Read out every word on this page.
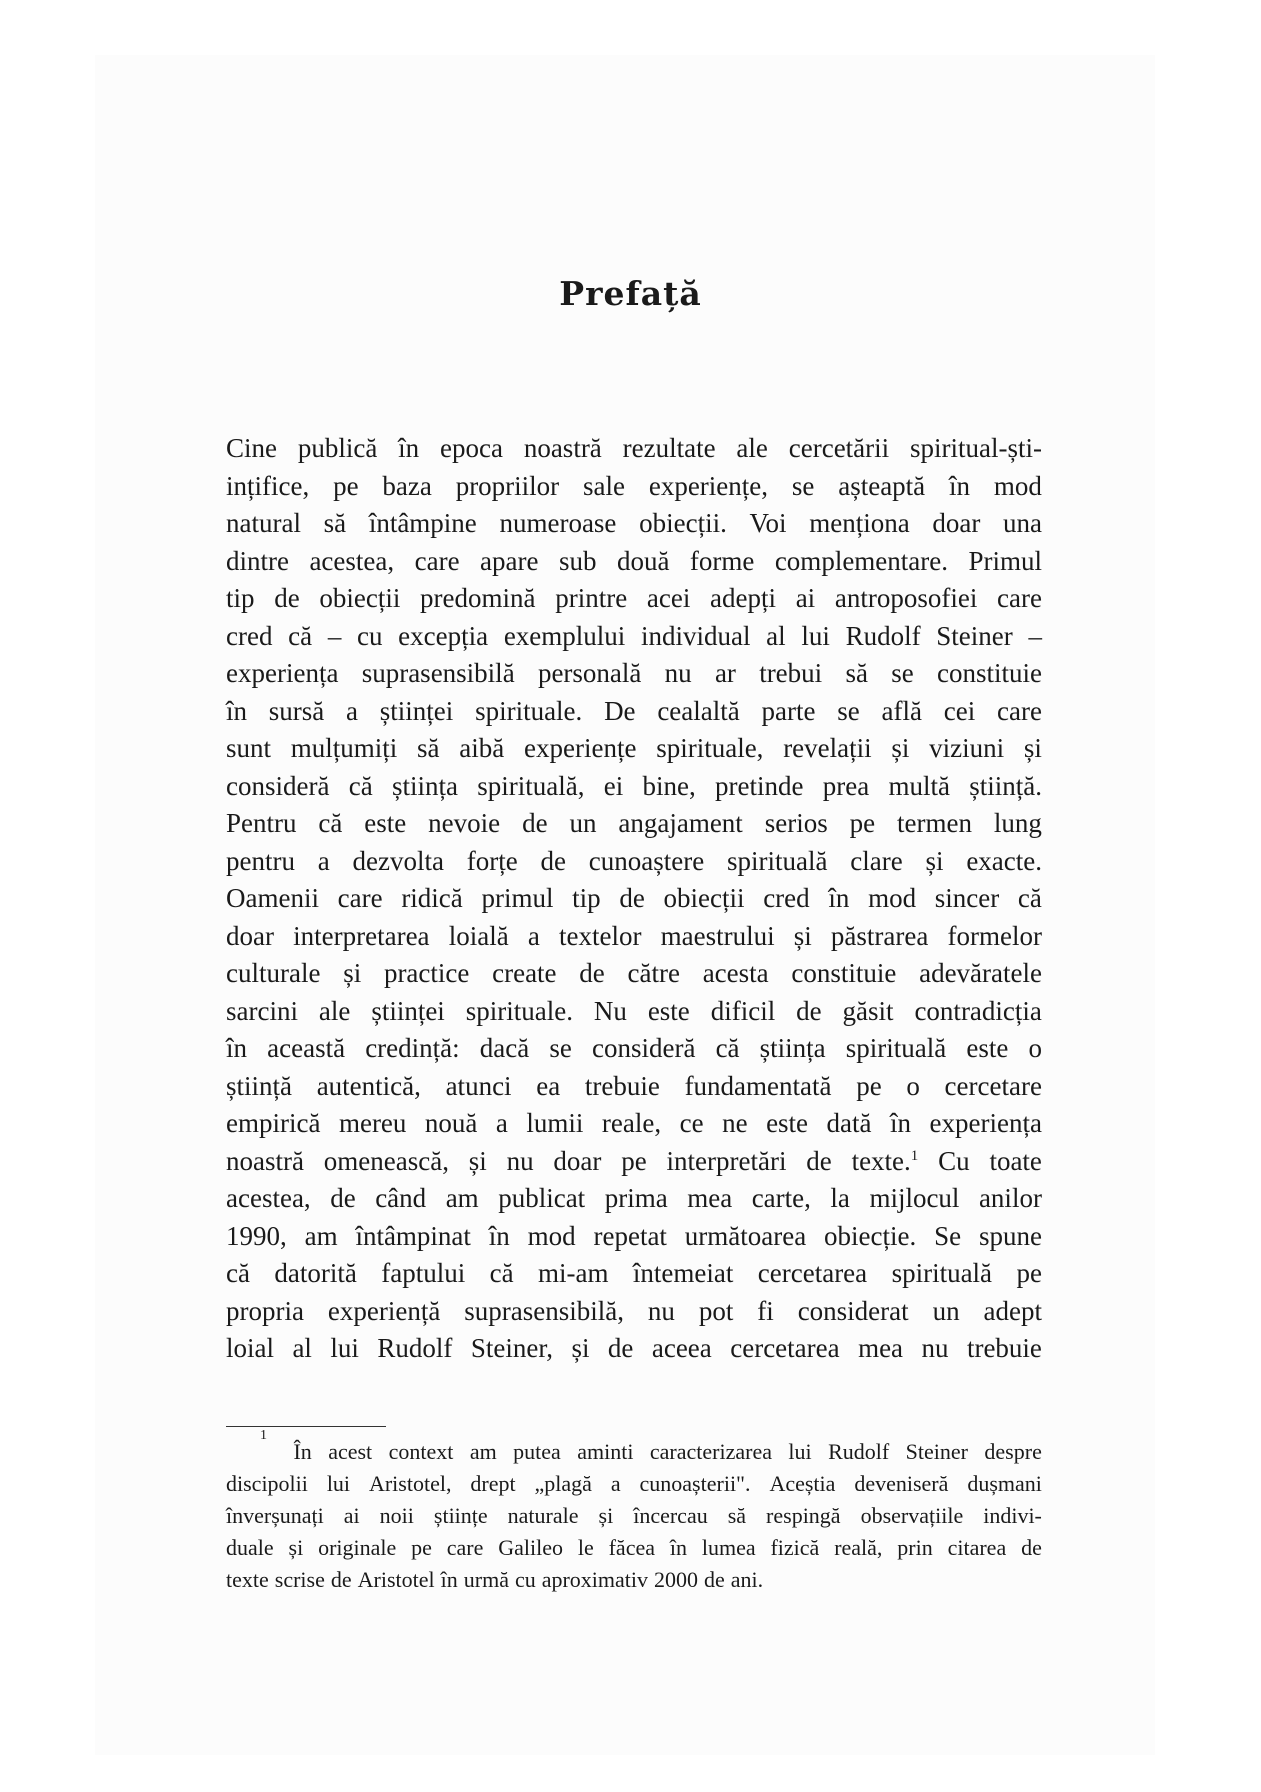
Prefață
Cine publică în epoca noastră rezultate ale cercetării spiritual-ști-
ințifice, pe baza propriilor sale experiențe, se așteaptă în mod
natural să întâmpine numeroase obiecții. Voi menționa doar una
dintre acestea, care apare sub două forme complementare. Primul
tip de obiecții predomină printre acei adepți ai antroposofiei care
cred că – cu excepția exemplului individual al lui Rudolf Steiner –
experiența suprasensibilă personală nu ar trebui să se constituie
în sursă a științei spirituale. De cealaltă parte se află cei care
sunt mulțumiți să aibă experiențe spirituale, revelații și viziuni și
consideră că știința spirituală, ei bine, pretinde prea multă știință.
Pentru că este nevoie de un angajament serios pe termen lung
pentru a dezvolta forțe de cunoaștere spirituală clare și exacte.
Oamenii care ridică primul tip de obiecții cred în mod sincer că
doar interpretarea loială a textelor maestrului și păstrarea formelor
culturale și practice create de către acesta constituie adevăratele
sarcini ale științei spirituale. Nu este dificil de găsit contradicția
în această credință: dacă se consideră că știința spirituală este o
știință autentică, atunci ea trebuie fundamentată pe o cercetare
empirică mereu nouă a lumii reale, ce ne este dată în experiența
noastră omenească, și nu doar pe interpretări de texte.$^1$ Cu toate
acestea, de când am publicat prima mea carte, la mijlocul anilor
1990, am întâmpinat în mod repetat următoarea obiecție. Se spune
că datorită faptului că mi-am întemeiat cercetarea spirituală pe
propria experiență suprasensibilă, nu pot fi considerat un adept
loial al lui Rudolf Steiner, și de aceea cercetarea mea nu trebuie
1
În acest context am putea aminti caracterizarea lui Rudolf Steiner despre
discipolii lui Aristotel, drept „plagă a cunoașterii". Aceștia deveniseră dușmani
înverșunați ai noii științe naturale și încercau să respingă observațiile indivi-
duale și originale pe care Galileo le făcea în lumea fizică reală, prin citarea de
texte scrise de Aristotel în urmă cu aproximativ 2000 de ani.
